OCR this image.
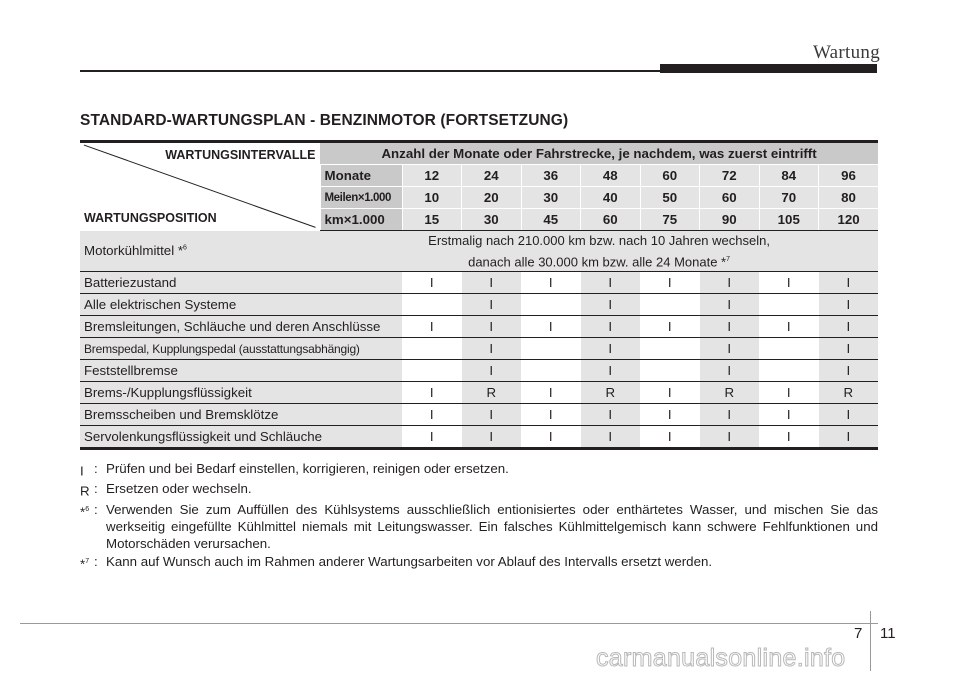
Wartung
STANDARD-WARTUNGSPLAN - BENZINMOTOR (FORTSETZUNG)
WARTUNGSINTERVALLE
WARTUNGSPOSITION	Anzahl der Monate oder Fahrstrecke, je nachdem, was zuerst eintrifft								
	Monate	12	24	36	48	60	72	84	96
	Meilen×1.000	10	20	30	40	50	60	70	80
	km×1.000	15	30	45	60	75	90	105	120
Motorkühlmittel *$^6$	Erstmalig nach 210.000 km bzw. nach 10 Jahren wechseln,
danach alle 30.000 km bzw. alle 24 Monate *$^7$

Batteriezustand		I	I	I	I	I	I	I	I
Alle elektrischen Systeme			I		I		I		I
Bremsleitungen, Schläuche und deren Anschlüsse		I	I	I	I	I	I	I	I
Bremspedal, Kupplungspedal (ausstattungsabhängig)			I		I		I		I
Feststellbremse			I		I		I		I
Brems-/Kupplungsflüssigkeit		I	R	I	R	I	R	I	R
Bremsscheiben und Bremsklötze		I	I	I	I	I	I	I	I
Servolenkungsflüssigkeit und Schläuche		I	I	I	I	I	I	I	I
I : Prüfen und bei Bedarf einstellen, korrigieren, reinigen oder ersetzen.
R : Ersetzen oder wechseln.
*$^6$ : Verwenden Sie zum Auffüllen des Kühlsystems ausschließlich entionisiertes oder enthärtetes Wasser, und mischen Sie das werkseitig eingefüllte Kühlmittel niemals mit Leitungswasser. Ein falsches Kühlmittelgemisch kann schwere Fehlfunktionen und Motorschäden verursachen.
*$^7$ : Kann auf Wunsch auch im Rahmen anderer Wartungsarbeiten vor Ablauf des Intervalls ersetzt werden.
7 11
carmanualsonline.info
